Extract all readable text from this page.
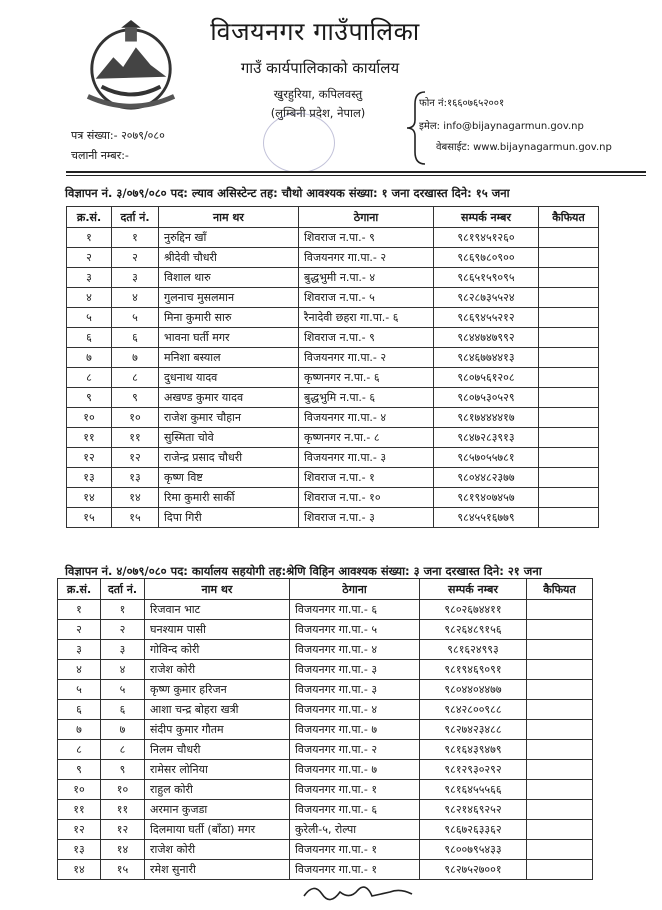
विजयनगर गाउँपालिका
गाउँ कार्यपालिकाको कार्यालय
खुरहुरिया, कपिलवस्तु
(लुम्बिनी प्रदेश, नेपाल)
फोन नं:१६६०७६५२००१
इमेल: info@bijaynagarmun.gov.np
वेबसाईट: www.bijaynagarmun.gov.np
पत्र संख्या:- २०७९/०८०
चलानी नम्बर:-
विज्ञापन नं. ३/०७९/०८० पद: ल्याव असिस्टेन्ट तह: चौथो आवश्यक संख्या: १ जना दरखास्त दिने: १५ जना
क्र.सं.	दर्ता नं.	नाम थर	ठेगाना	सम्पर्क नम्बर	कैफियत
१	१	नुरुद्दिन खाँ	शिवराज न.पा.- ९	९८१९४५१२६०	
२	२	श्रीदेवी चौधरी	विजयनगर गा.पा.- २	९८६९७८०९००	
३	३	विशाल थारु	बुद्धभुमी न.पा.- ४	९८६५१५९०९५	
४	४	गुलनाच मुसलमान	शिवराज न.पा.- ५	९८२८७३५५२४	
५	५	मिना कुमारी सारु	रैनादेवी छहरा गा.पा.- ६	९८६९४५५२१२	
६	६	भावना घर्ती मगर	शिवराज न.पा.- ९	९८४४७४७९९२	
७	७	मनिशा बस्याल	विजयनगर गा.पा.- २	९८४६७७४४१३	
८	८	दुधनाथ यादव	कृष्णनगर न.पा.- ६	९८०७५६१२०८	
९	९	अखण्ड कुमार यादव	बुद्धभुमि न.पा.- ६	९८०७५३०५२९	
१०	१०	राजेश कुमार चौहान	विजयनगर गा.पा.- ४	९८१७४४४४१७	
११	११	सुस्मिता चोवे	कृष्णनगर न.पा.- ८	९८४७२८३९१३	
१२	१२	राजेन्द्र प्रसाद चौधरी	विजयनगर गा.पा.- ३	९८५७०५५७८१	
१३	१३	कृष्ण विष्ट	शिवराज न.पा.- १	९८०४४८२३७७	
१४	१४	रिमा कुमारी सार्की	शिवराज न.पा.- १०	९८१९४०७४५७	
१५	१५	दिपा गिरी	शिवराज न.पा.- ३	९८४५५१६७७९	
विज्ञापन नं. ४/०७९/०८० पद: कार्यालय सहयोगी तह:श्रेणि विहिन आवश्यक संख्या: ३ जना दरखास्त दिने: २१ जना
क्र.सं.	दर्ता नं.	नाम थर	ठेगाना	सम्पर्क नम्बर	कैफियत
१	१	रिजवान भाट	विजयनगर गा.पा.- ६	९८०२६७४४११	
२	२	घनश्याम पासी	विजयनगर गा.पा.- ५	९८२६४८९१५६	
३	३	गोविन्द कोरी	विजयनगर गा.पा.- ४	९८१६२४९९३	
४	४	राजेश कोरी	विजयनगर गा.पा.- ३	९८१९४६९०९१	
५	५	कृष्ण कुमार हरिजन	विजयनगर गा.पा.- ३	९८०४४०४४७७	
६	६	आशा चन्द्र बोहरा खत्री	विजयनगर गा.पा.- ४	९८४२८००९८८	
७	७	संदीप कुमार गौतम	विजयनगर गा.पा.- ७	९८२७४२३४८८	
८	८	निलम चौधरी	विजयनगर गा.पा.- २	९८१६४३९४७९	
९	९	रामेसर लोनिया	विजयनगर गा.पा.- ७	९८१२९३०२९२	
१०	१०	राहुल कोरी	विजयनगर गा.पा.- १	९८१६४५५५६६	
११	११	अरमान कुजडा	विजयनगर गा.पा.- ६	९८२१४६९२५२	
१२	१२	दिलमाया घर्ती (बाँठा) मगर	कुरेली-५, रोल्पा	९८६७२६३३६२	
१३	१४	राजेश कोरी	विजयनगर गा.पा.- १	९८००७९५४३३	
१४	१५	रमेश सुनारी	विजयनगर गा.पा.- १	९८२७५२७००१	
